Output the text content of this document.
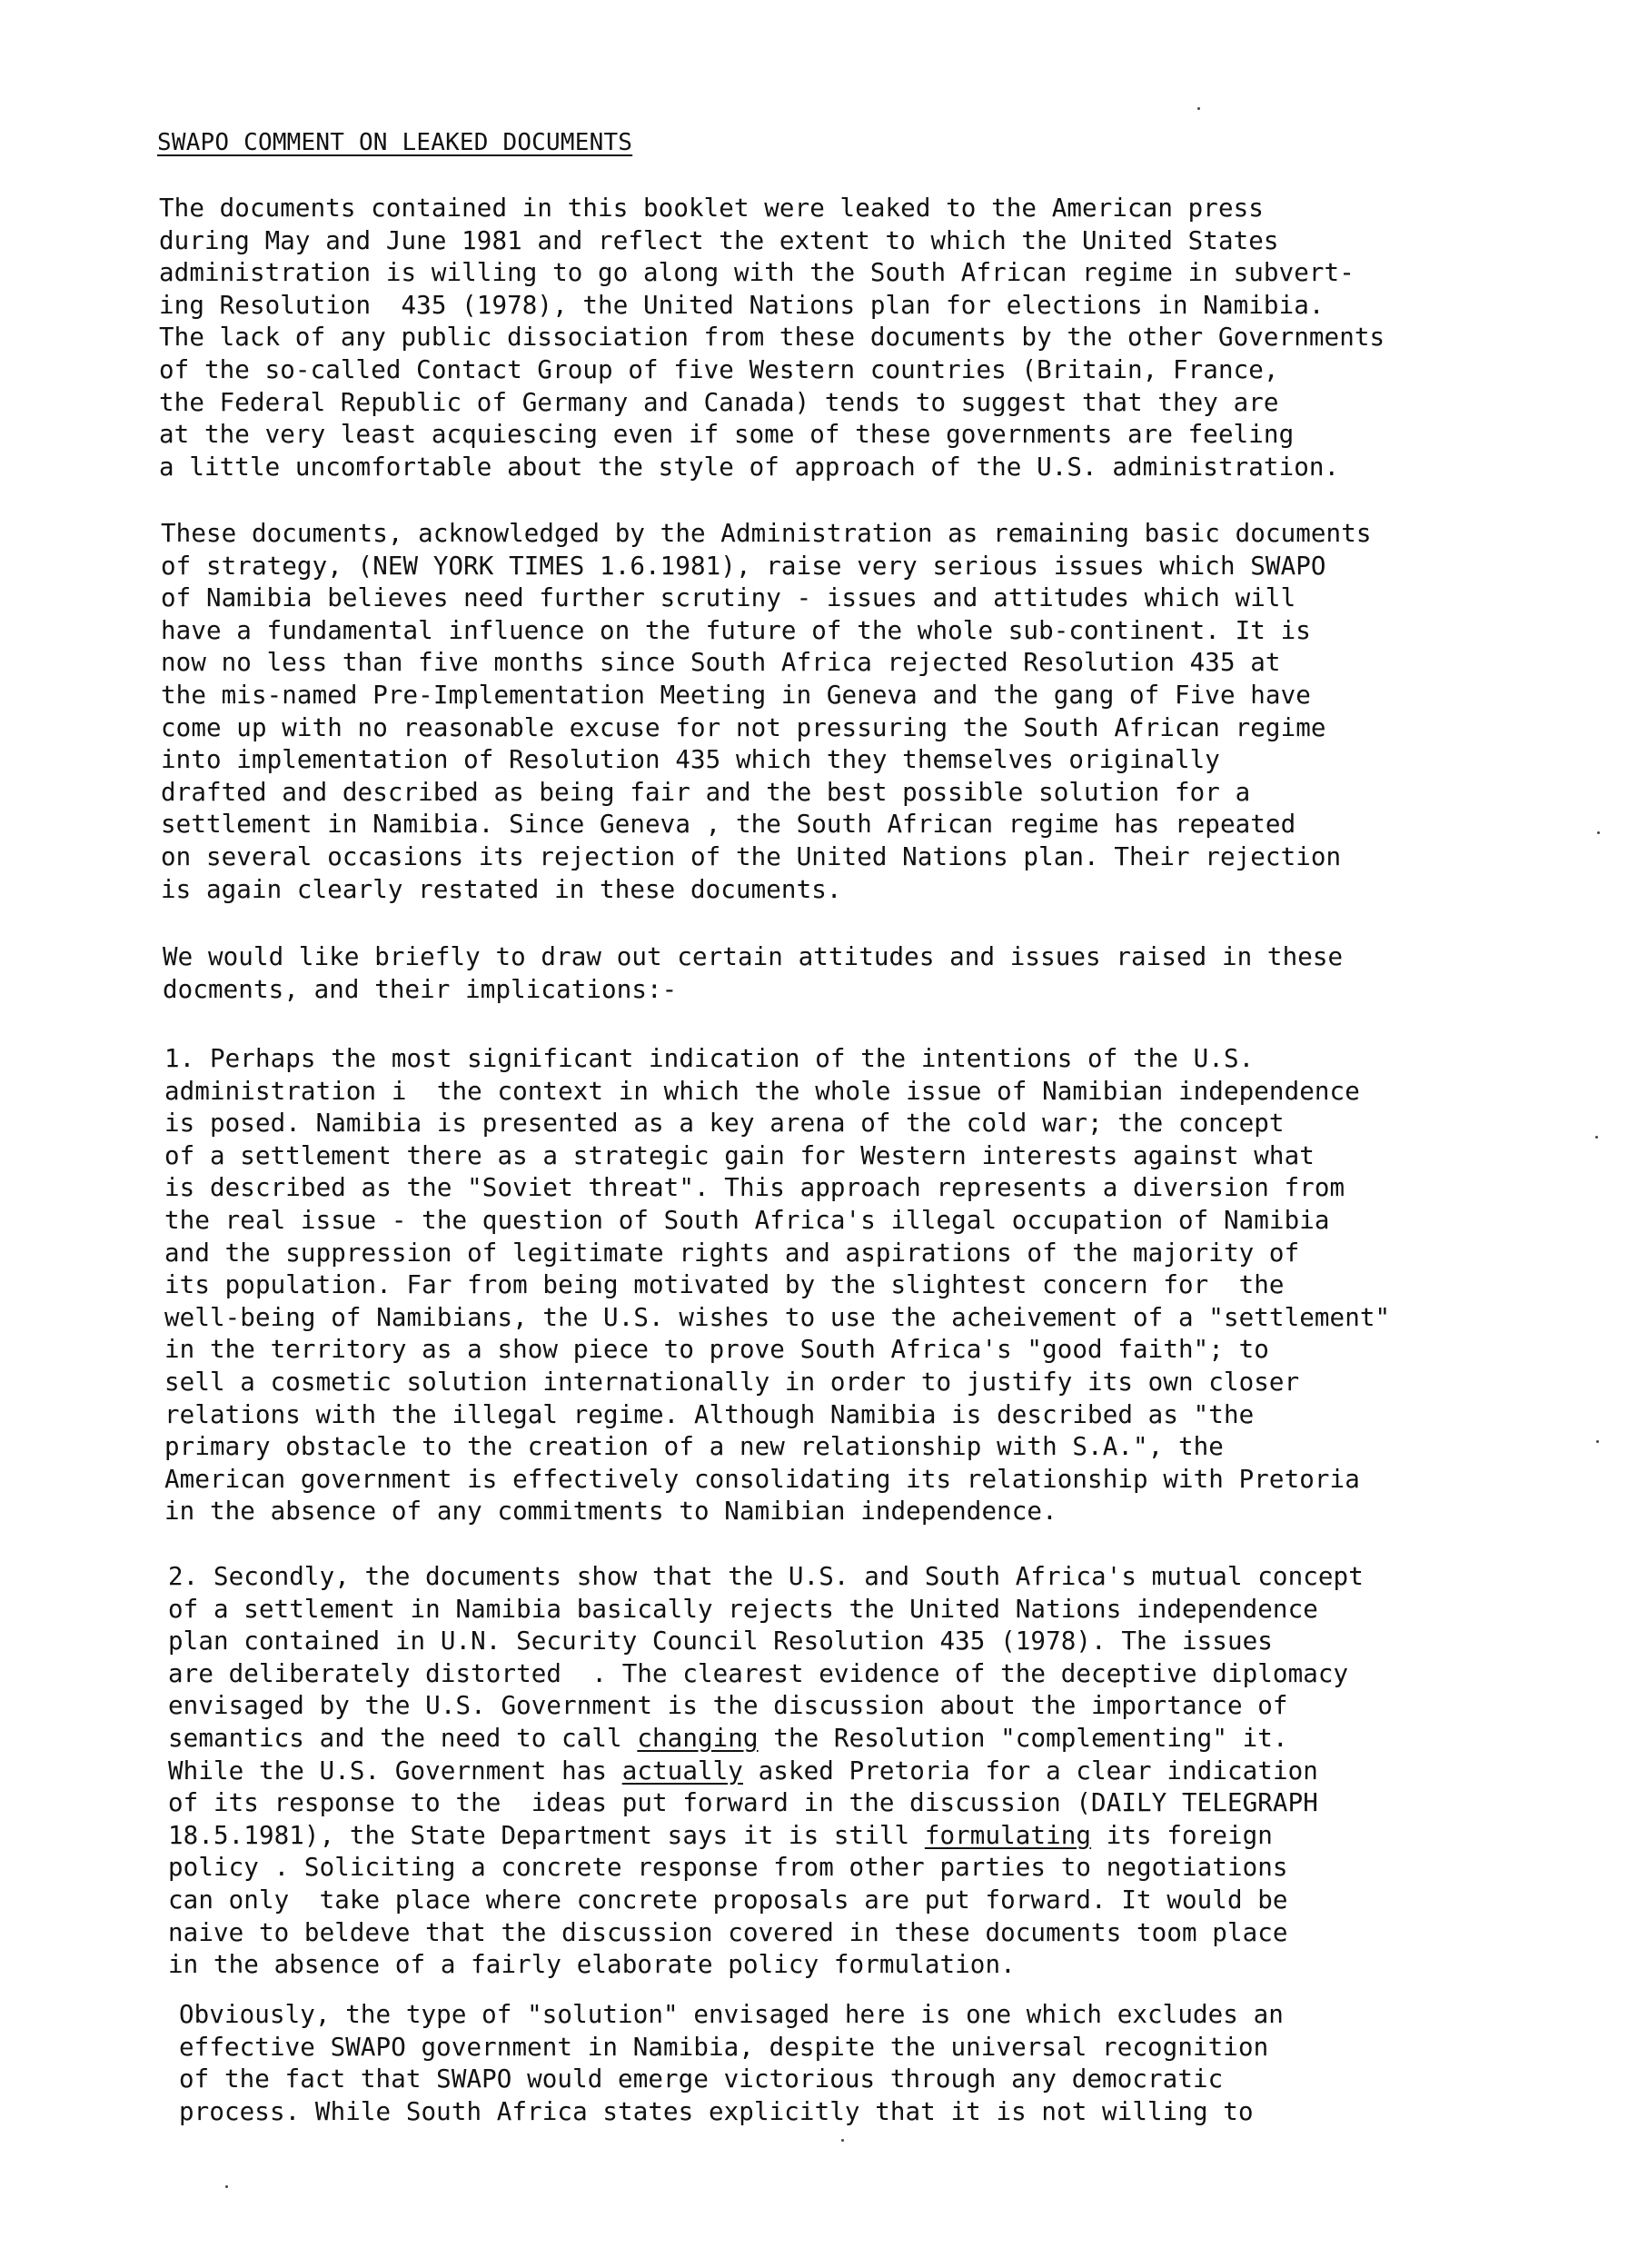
SWAPO COMMENT ON LEAKED DOCUMENTS
The documents contained in this booklet were leaked to the American press
during May and June 1981 and reflect the extent to which the United States
administration is willing to go along with the South African regime in subvert-
ing Resolution  435 (1978), the United Nations plan for elections in Namibia.
The lack of any public dissociation from these documents by the other Governments
of the so-called Contact Group of five Western countries (Britain, France,
the Federal Republic of Germany and Canada) tends to suggest that they are
at the very least acquiescing even if some of these governments are feeling
a little uncomfortable about the style of approach of the U.S. administration.
These documents, acknowledged by the Administration as remaining basic documents
of strategy, (NEW YORK TIMES 1.6.1981), raise very serious issues which SWAPO
of Namibia believes need further scrutiny - issues and attitudes which will
have a fundamental influence on the future of the whole sub-continent. It is
now no less than five months since South Africa rejected Resolution 435 at
the mis-named Pre-Implementation Meeting in Geneva and the gang of Five have
come up with no reasonable excuse for not pressuring the South African regime
into implementation of Resolution 435 which they themselves originally
drafted and described as being fair and the best possible solution for a
settlement in Namibia. Since Geneva , the South African regime has repeated
on several occasions its rejection of the United Nations plan. Their rejection
is again clearly restated in these documents.
We would like briefly to draw out certain attitudes and issues raised in these
docments, and their implications:-
1. Perhaps the most significant indication of the intentions of the U.S.
administration i  the context in which the whole issue of Namibian independence
is posed. Namibia is presented as a key arena of the cold war; the concept
of a settlement there as a strategic gain for Western interests against what
is described as the "Soviet threat". This approach represents a diversion from
the real issue - the question of South Africa's illegal occupation of Namibia
and the suppression of legitimate rights and aspirations of the majority of
its population. Far from being motivated by the slightest concern for  the
well-being of Namibians, the U.S. wishes to use the acheivement of a "settlement"
in the territory as a show piece to prove South Africa's "good faith"; to
sell a cosmetic solution internationally in order to justify its own closer
relations with the illegal regime. Although Namibia is described as "the
primary obstacle to the creation of a new relationship with S.A.", the
American government is effectively consolidating its relationship with Pretoria
in the absence of any commitments to Namibian independence.
2. Secondly, the documents show that the U.S. and South Africa's mutual concept
of a settlement in Namibia basically rejects the United Nations independence
plan contained in U.N. Security Council Resolution 435 (1978). The issues
are deliberately distorted  . The clearest evidence of the deceptive diplomacy
envisaged by the U.S. Government is the discussion about the importance of
semantics and the need to call changing the Resolution "complementing" it.
While the U.S. Government has actually asked Pretoria for a clear indication
of its response to the  ideas put forward in the discussion (DAILY TELEGRAPH
18.5.1981), the State Department says it is still formulating its foreign
policy . Soliciting a concrete response from other parties to negotiations
can only  take place where concrete proposals are put forward. It would be
naive to beldeve that the discussion covered in these documents toom place
in the absence of a fairly elaborate policy formulation.
Obviously, the type of "solution" envisaged here is one which excludes an
effective SWAPO government in Namibia, despite the universal recognition
of the fact that SWAPO would emerge victorious through any democratic
process. While South Africa states explicitly that it is not willing to
